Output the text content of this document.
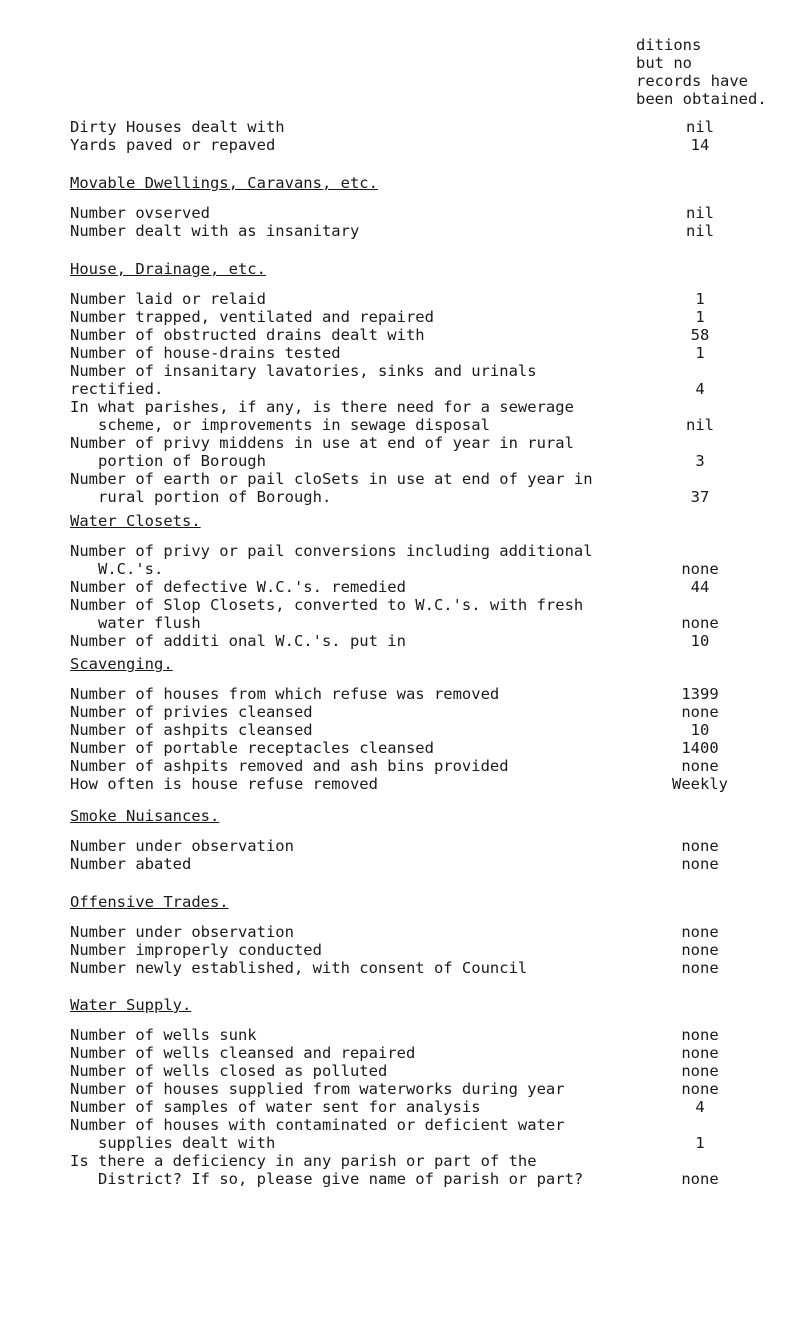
ditions
but no
records have
been obtained.
Dirty Houses dealt with	nil
Yards paved or repaved	14
Movable Dwellings, Caravans, etc.
Number ovserved	nil
Number dealt with as insanitary	nil
House, Drainage, etc.
Number laid or relaid	1
Number trapped, ventilated and repaired	1
Number of obstructed drains dealt with	58
Number of house-drains tested	1
Number of insanitary lavatories, sinks and urinals
rectified.	4
In what parishes, if any, is there need for a sewerage
scheme, or improvements in sewage disposal	nil
Number of privy middens in use at end of year in rural
portion of Borough	3
Number of earth or pail cloSets in use at end of year in
rural portion of Borough.	37
Water Closets.
Number of privy or pail conversions including additional
W.C.'s.	none
Number of defective W.C.'s. remedied	44
Number of Slop Closets, converted to W.C.'s. with fresh
water flush	none
Number of additi onal W.C.'s. put in	10
Scavenging.
Number of houses from which refuse was removed	1399
Number of privies cleansed	none
Number of ashpits cleansed	10
Number of portable receptacles cleansed	1400
Number of ashpits removed and ash bins provided	none
How often is house refuse removed	Weekly
Smoke Nuisances.
Number under observation	none
Number abated	none
Offensive Trades.
Number under observation	none
Number improperly conducted	none
Number newly established, with consent of Council	none
Water Supply.
Number of wells sunk	none
Number of wells cleansed and repaired	none
Number of wells closed as polluted	none
Number of houses supplied from waterworks during year	none
Number of samples of water sent for analysis	4
Number of houses with contaminated or deficient water
supplies dealt with	1
Is there a deficiency in any parish or part of the
District? If so, please give name of parish or part?	none
